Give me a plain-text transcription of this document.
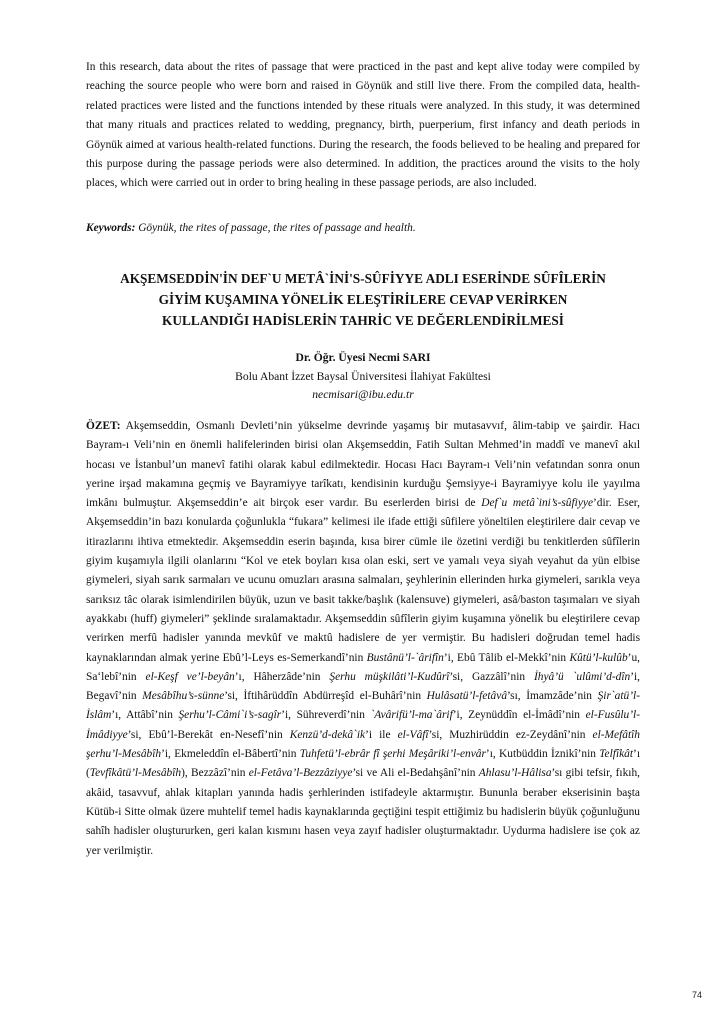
In this research, data about the rites of passage that were practiced in the past and kept alive today were compiled by reaching the source people who were born and raised in Göynük and still live there. From the compiled data, health-related practices were listed and the functions intended by these rituals were analyzed. In this study, it was determined that many rituals and practices related to wedding, pregnancy, birth, puerperium, first infancy and death periods in Göynük aimed at various health-related functions. During the research, the foods believed to be healing and prepared for this purpose during the passage periods were also determined. In addition, the practices around the visits to the holy places, which were carried out in order to bring healing in these passage periods, are also included.

Keywords: Göynük, the rites of passage, the rites of passage and health.

AKŞEMSEDDİN'İN DEF`U METÂ`İNİ'S-SÛFİYYE ADLI ESERİNDE SÛFÎLERİN
GİYİM KUŞAMINA YÖNELİK ELEŞTİRİLERE CEVAP VERİRKEN
KULLANDIĞI HADİSLERİN TAHRİC VE DEĞERLENDİRİLMESİ
Dr. Öğr. Üyesi Necmi SARI
Bolu Abant İzzet Baysal Üniversitesi İlahiyat Fakültesi
necmisari@ibu.edu.tr

ÖZET: Akşemseddin, Osmanlı Devleti’nin yükselme devrinde yaşamış bir mutasavvıf, âlim-tabip ve şairdir. Hacı Bayram-ı Veli’nin en önemli halifelerinden birisi olan Akşemseddin, Fatih Sultan Mehmed’in maddî ve manevî akıl hocası ve İstanbul’un manevî fatihi olarak kabul edilmektedir. Hocası Hacı Bayram-ı Veli’nin vefatından sonra onun yerine irşad makamına geçmiş ve Bayramiyye tarîkatı, kendisinin kurduğu Şemsiyye-i Bayramiyye kolu ile yayılma imkânı bulmuştur. Akşemseddin’e ait birçok eser vardır. Bu eserlerden birisi de Def`u metâ`ini’s-sûfiyye’dir. Eser, Akşemseddin’in bazı konularda çoğunlukla “fukara” kelimesi ile ifade ettiği sûfilere yöneltilen eleştirilere dair cevap ve itirazlarını ihtiva etmektedir. Akşemseddin eserin başında, kısa birer cümle ile özetini verdiği bu tenkitlerden sûfîlerin giyim kuşamıyla ilgili olanlarını “Kol ve etek boyları kısa olan eski, sert ve yamalı veya siyah veyahut da yün elbise giymeleri, siyah sarık sarmaları ve ucunu omuzları arasına salmaları, şeyhlerinin ellerinden hırka giymeleri, sarıkla veya sarıksız tâc olarak isimlendirilen büyük, uzun ve basit takke/başlık (kalensuve) giymeleri, asâ/baston taşımaları ve siyah ayakkabı (huff) giymeleri” şeklinde sıralamaktadır. Akşemseddin sûfîlerin giyim kuşamına yönelik bu eleştirilere cevap verirken merfû hadisler yanında mevkûf ve maktû hadislere de yer vermiştir. Bu hadisleri doğrudan temel hadis kaynaklarından almak yerine Ebû’l-Leys es-Semerkandî’nin Bustânü’l-`ârifîn’i, Ebû Tâlib el-Mekkî’nin Kûtü’l-kulûb’u, Sa‘lebî’nin el-Keşf ve’l-beyân’ı, Hâherzâde’nin Şerhu müşkilâti’l-Kudûrî’si, Gazzâlî’nin İhyâ’ü `ulûmi’d-dîn’i, Begavî’nin Mesâbîhu’s-sünne’si, İftihârüddîn Abdürreşîd el-Buhârî’nin Hulâsatü’l-fetâvâ’sı, İmamzâde’nin Şir`atü’l-İslâm’ı, Attâbî’nin Şerhu’l-Câmi`i’s-sagîr’i, Sühreverdî’nin `Avârifü’l-ma`ârif’i, Zeynüddîn el-İmâdî’nin el-Fusûlu’l-İmâdiyye’si, Ebû’l-Berekât en-Nesefî’nin Kenzü’d-dekâ`ik’i ile el-Vâfî’si, Muzhirüddin ez-Zeydânî’nin el-Mefâtîh şerhu’l-Mesâbîh’i, Ekmeleddîn el-Bâbertî’nin Tuhfetü’l-ebrâr fî şerhi Meşâriki’l-envâr’ı, Kutbüddin İznikî’nin Telfîkât’ı (Tevfîkâtü’l-Mesâbîh), Bezzâzî’nin el-Fetâva’l-Bezzâziyye’si ve Ali el-Bedahşânî’nin Ahlasu’l-Hâlisa’sı gibi tefsir, fıkıh, akâid, tasavvuf, ahlak kitapları yanında hadis şerhlerinden istifadeyle aktarmıştır. Bununla beraber ekserisinin başta Kütüb-i Sitte olmak üzere muhtelif temel hadis kaynaklarında geçtiğini tespit ettiğimiz bu hadislerin büyük çoğunluğunu sahîh hadisler oluştururken, geri kalan kısmını hasen veya zayıf hadisler oluşturmaktadır. Uydurma hadislere ise çok az yer verilmiştir.

74
